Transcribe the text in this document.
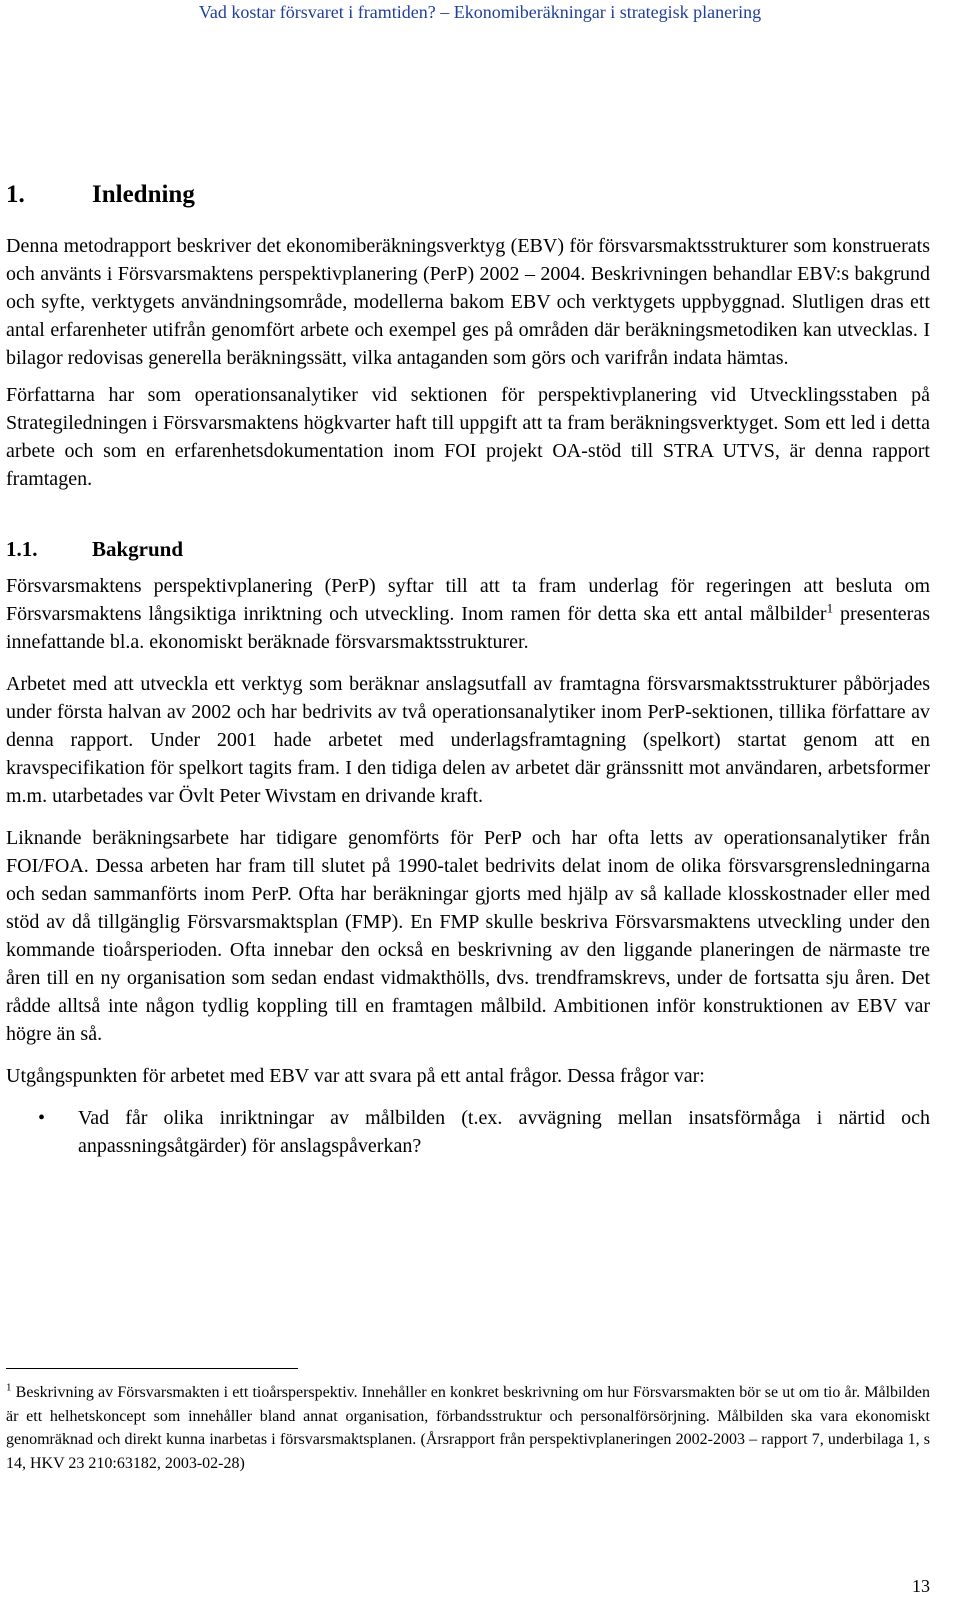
Vad kostar försvaret i framtiden? – Ekonomiberäkningar i strategisk planering
1.	Inledning

Denna metodrapport beskriver det ekonomiberäkningsverktyg (EBV) för försvarsmaktsstrukturer som konstruerats och använts i Försvarsmaktens perspektivplanering (PerP) 2002 – 2004. Beskrivningen behandlar EBV:s bakgrund och syfte, verktygets användningsområde, modellerna bakom EBV och verktygets uppbyggnad. Slutligen dras ett antal erfarenheter utifrån genomfört arbete och exempel ges på områden där beräkningsmetodiken kan utvecklas. I bilagor redovisas generella beräkningssätt, vilka antaganden som görs och varifrån indata hämtas.

Författarna har som operationsanalytiker vid sektionen för perspektivplanering vid Utvecklingsstaben på Strategiledningen i Försvarsmaktens högkvarter haft till uppgift att ta fram beräkningsverktyget. Som ett led i detta arbete och som en erfarenhetsdokumentation inom FOI projekt OA-stöd till STRA UTVS, är denna rapport framtagen.

1.1.	Bakgrund

Försvarsmaktens perspektivplanering (PerP) syftar till att ta fram underlag för regeringen att besluta om Försvarsmaktens långsiktiga inriktning och utveckling. Inom ramen för detta ska ett antal målbilder$^1$ presenteras innefattande bl.a. ekonomiskt beräknade försvarsmaktsstrukturer.

Arbetet med att utveckla ett verktyg som beräknar anslagsutfall av framtagna försvarsmaktsstrukturer påbörjades under första halvan av 2002 och har bedrivits av två operationsanalytiker inom PerP-sektionen, tillika författare av denna rapport. Under 2001 hade arbetet med underlagsframtagning (spelkort) startat genom att en kravspecifikation för spelkort tagits fram. I den tidiga delen av arbetet där gränssnitt mot användaren, arbetsformer m.m. utarbetades var Övlt Peter Wivstam en drivande kraft.

Liknande beräkningsarbete har tidigare genomförts för PerP och har ofta letts av operationsanalytiker från FOI/FOA. Dessa arbeten har fram till slutet på 1990-talet bedrivits delat inom de olika försvarsgrensledningarna och sedan sammanförts inom PerP. Ofta har beräkningar gjorts med hjälp av så kallade klosskostnader eller med stöd av då tillgänglig Försvarsmaktsplan (FMP). En FMP skulle beskriva Försvarsmaktens utveckling under den kommande tioårsperioden. Ofta innebar den också en beskrivning av den liggande planeringen de närmaste tre åren till en ny organisation som sedan endast vidmakthölls, dvs. trendframskrevs, under de fortsatta sju åren. Det rådde alltså inte någon tydlig koppling till en framtagen målbild. Ambitionen inför konstruktionen av EBV var högre än så.

Utgångspunkten för arbetet med EBV var att svara på ett antal frågor. Dessa frågor var:

• Vad får olika inriktningar av målbilden (t.ex. avvägning mellan insatsförmåga i närtid och anpassningsåtgärder) för anslagspåverkan?
$^1$ Beskrivning av Försvarsmakten i ett tioårsperspektiv. Innehåller en konkret beskrivning om hur Försvarsmakten bör se ut om tio år. Målbilden är ett helhetskoncept som innehåller bland annat organisation, förbandsstruktur och personalförsörjning. Målbilden ska vara ekonomiskt genomräknad och direkt kunna inarbetas i försvarsmaktsplanen. (Årsrapport från perspektivplaneringen 2002-2003 – rapport 7, underbilaga 1, s 14, HKV 23 210:63182, 2003-02-28)
13
